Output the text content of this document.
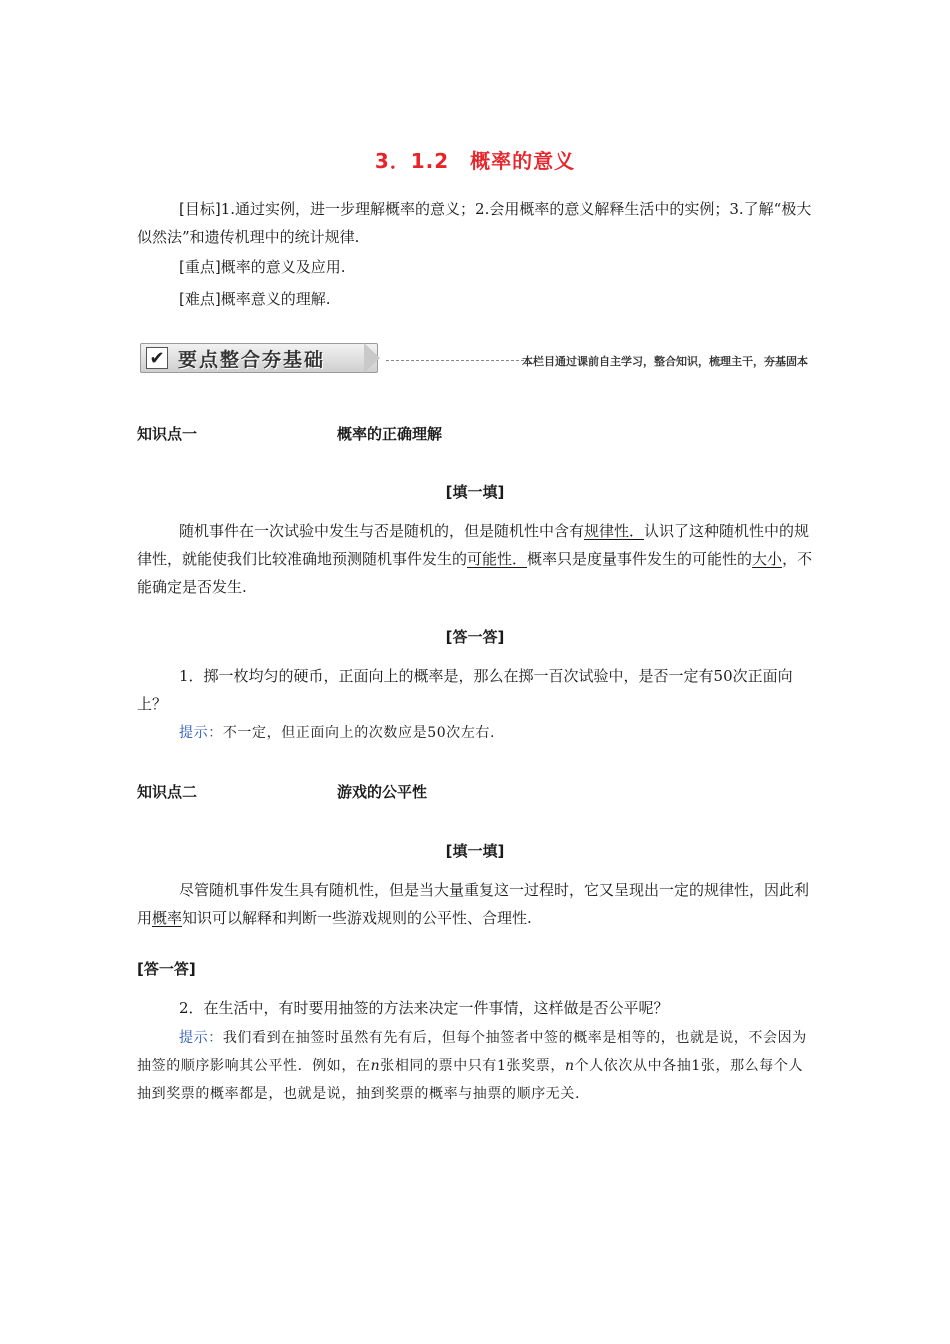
3．1.2　概率的意义

[目标]1.通过实例，进一步理解概率的意义；2.会用概率的意义解释生活中的实例；3.了解“极大似然法”和遗传机理中的统计规律.

[重点]概率的意义及应用.

[难点]概率意义的理解.

✔ 要点整合夯基础	本栏目通过课前自主学习，整合知识，梳理主干，夯基固本
知识点一	概率的正确理解
[填一填]

随机事件在一次试验中发生与否是随机的，但是随机性中含有规律性．认识了这种随机性中的规律性，就能使我们比较准确地预测随机事件发生的可能性．概率只是度量事件发生的可能性的大小，不能确定是否发生.

[答一答]

1．掷一枚均匀的硬币，正面向上的概率是，那么在掷一百次试验中，是否一定有50次正面向上？

提示：不一定，但正面向上的次数应是50次左右.

知识点二	游戏的公平性
[填一填]

尽管随机事件发生具有随机性，但是当大量重复这一过程时，它又呈现出一定的规律性，因此利用概率知识可以解释和判断一些游戏规则的公平性、合理性.

[答一答]

2．在生活中，有时要用抽签的方法来决定一件事情，这样做是否公平呢？

提示：我们看到在抽签时虽然有先有后，但每个抽签者中签的概率是相等的，也就是说，不会因为抽签的顺序影响其公平性．例如，在n张相同的票中只有1张奖票，n个人依次从中各抽1张，那么每个人抽到奖票的概率都是，也就是说，抽到奖票的概率与抽票的顺序无关.
